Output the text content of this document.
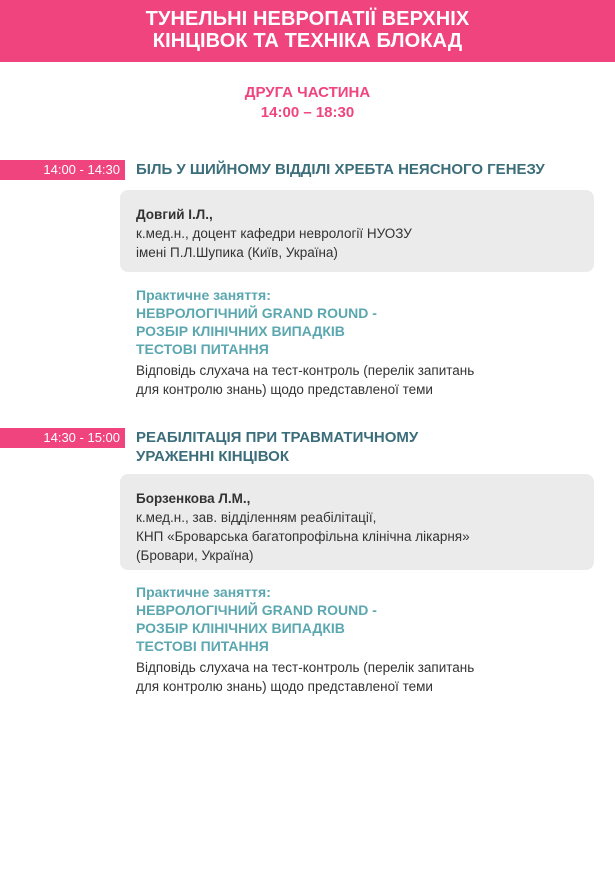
ТУНЕЛЬНІ НЕВРОПАТІЇ ВЕРХНІХ
КІНЦІВОК ТА ТЕХНІКА БЛОКАД
ДРУГА ЧАСТИНА
14:00 – 18:30
14:00 - 14:30	БІЛЬ У ШИЙНОМУ ВІДДІЛІ ХРЕБТА НЕЯСНОГО ГЕНЕЗУ
Довгий І.Л.,
к.мед.н., доцент кафедри неврології НУОЗУ
імені П.Л.Шупика (Київ, Україна)
Практичне заняття:
НЕВРОЛОГІЧНИЙ GRAND ROUND -
РОЗБІР КЛІНІЧНИХ ВИПАДКІВ
ТЕСТОВІ ПИТАННЯ
Відповідь слухача на тест-контроль (перелік запитань
для контролю знань) щодо представленої теми
14:30 - 15:00	РЕАБІЛІТАЦІЯ ПРИ ТРАВМАТИЧНОМУ
УРАЖЕННІ КІНЦІВОК
Борзенкова Л.М.,
к.мед.н., зав. відділенням реабілітації,
КНП «Броварська багатопрофільна клінічна лікарня»
(Бровари, Україна)
Практичне заняття:
НЕВРОЛОГІЧНИЙ GRAND ROUND -
РОЗБІР КЛІНІЧНИХ ВИПАДКІВ
ТЕСТОВІ ПИТАННЯ
Відповідь слухача на тест-контроль (перелік запитань
для контролю знань) щодо представленої теми
